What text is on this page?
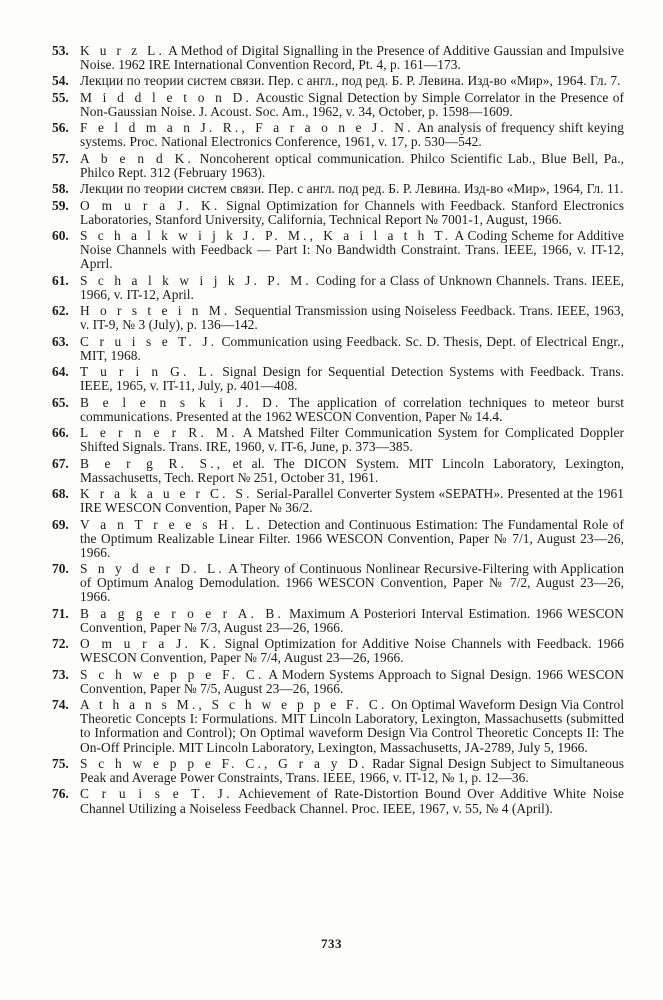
53. K u r z L. A Method of Digital Signalling in the Presence of Additive Gaussian and Impulsive Noise. 1962 IRE International Convention Record, Pt. 4, p. 161—173.
54. Лекции по теории систем связи. Пер. с англ., под ред. Б. Р. Левина. Изд-во «Мир», 1964. Гл. 7.
55. M i d d l e t o n D. Acoustic Signal Detection by Simple Correlator in the Presence of Non-Gaussian Noise. J. Acoust. Soc. Am., 1962, v. 34, October, p. 1598—1609.
56. F e l d m a n J. R., F a r a o n e J. N. An analysis of frequency shift keying systems. Proc. National Electronics Conference, 1961, v. 17, p. 530—542.
57. A b e n d K. Noncoherent optical communication. Philco Scientific Lab., Blue Bell, Pa., Philco Rept. 312 (February 1963).
58. Лекции по теории систем связи. Пер. с англ. под ред. Б. Р. Левина. Изд-во «Мир», 1964, Гл. 11.
59. O m u r a J. K. Signal Optimization for Channels with Feedback. Stanford Electronics Laboratories, Stanford University, California, Technical Report № 7001-1, August, 1966.
60. S c h a l k w i j k J. P. M., K a i l a t h T. A Coding Scheme for Additive Noise Channels with Feedback — Part I: No Bandwidth Constraint. Trans. IEEE, 1966, v. IT-12, Aprrl.
61. S c h a l k w i j k J. P. M. Coding for a Class of Unknown Channels. Trans. IEEE, 1966, v. IT-12, April.
62. H o r s t e i n M. Sequential Transmission using Noiseless Feedback. Trans. IEEE, 1963, v. IT-9, № 3 (July), p. 136—142.
63. C r u i s e T. J. Communication using Feedback. Sc. D. Thesis, Dept. of Electrical Engr., MIT, 1968.
64. T u r i n G. L. Signal Design for Sequential Detection Systems with Feedback. Trans. IEEE, 1965, v. IT-11, July, p. 401—408.
65. B e l e n s k i J. D. The application of correlation techniques to meteor burst communications. Presented at the 1962 WESCON Convention, Paper № 14.4.
66. L e r n e r R. M. A Matshed Filter Communication System for Complicated Doppler Shifted Signals. Trans. IRE, 1960, v. IT-6, June, p. 373—385.
67. B e r g R. S., et al. The DICON System. MIT Lincoln Laboratory, Lexington, Massachusetts, Tech. Report № 251, October 31, 1961.
68. K r a k a u e r C. S. Serial-Parallel Converter System «SEPATH». Presented at the 1961 IRE WESCON Convention, Paper № 36/2.
69. V a n T r e e s H. L. Detection and Continuous Estimation: The Fundamental Role of the Optimum Realizable Linear Filter. 1966 WESCON Convention, Paper № 7/1, August 23—26, 1966.
70. S n y d e r D. L. A Theory of Continuous Nonlinear Recursive-Filtering with Application of Optimum Analog Demodulation. 1966 WESCON Convention, Paper № 7/2, August 23—26, 1966.
71. B a g g e r o e r A. B. Maximum A Posteriori Interval Estimation. 1966 WESCON Convention, Paper № 7/3, August 23—26, 1966.
72. O m u r a J. K. Signal Optimization for Additive Noise Channels with Feedback. 1966 WESCON Convention, Paper № 7/4, August 23—26, 1966.
73. S c h w e p p e F. C. A Modern Systems Approach to Signal Design. 1966 WESCON Convention, Paper № 7/5, August 23—26, 1966.
74. A t h a n s M., S c h w e p p e F. C. On Optimal Waveform Design Via Control Theoretic Concepts I: Formulations. MIT Lincoln Laboratory, Lexington, Massachusetts (submitted to Information and Control); On Optimal waveform Design Via Control Theoretic Concepts II: The On-Off Principle. MIT Lincoln Laboratory, Lexington, Massachusetts, JA-2789, July 5, 1966.
75. S c h w e p p e F. C., G r a y D. Radar Signal Design Subject to Simultaneous Peak and Average Power Constraints, Trans. IEEE, 1966, v. IT-12, № 1, p. 12—36.
76. C r u i s e T. J. Achievement of Rate-Distortion Bound Over Additive White Noise Channel Utilizing a Noiseless Feedback Channel. Proc. IEEE, 1967, v. 55, № 4 (April).
733
